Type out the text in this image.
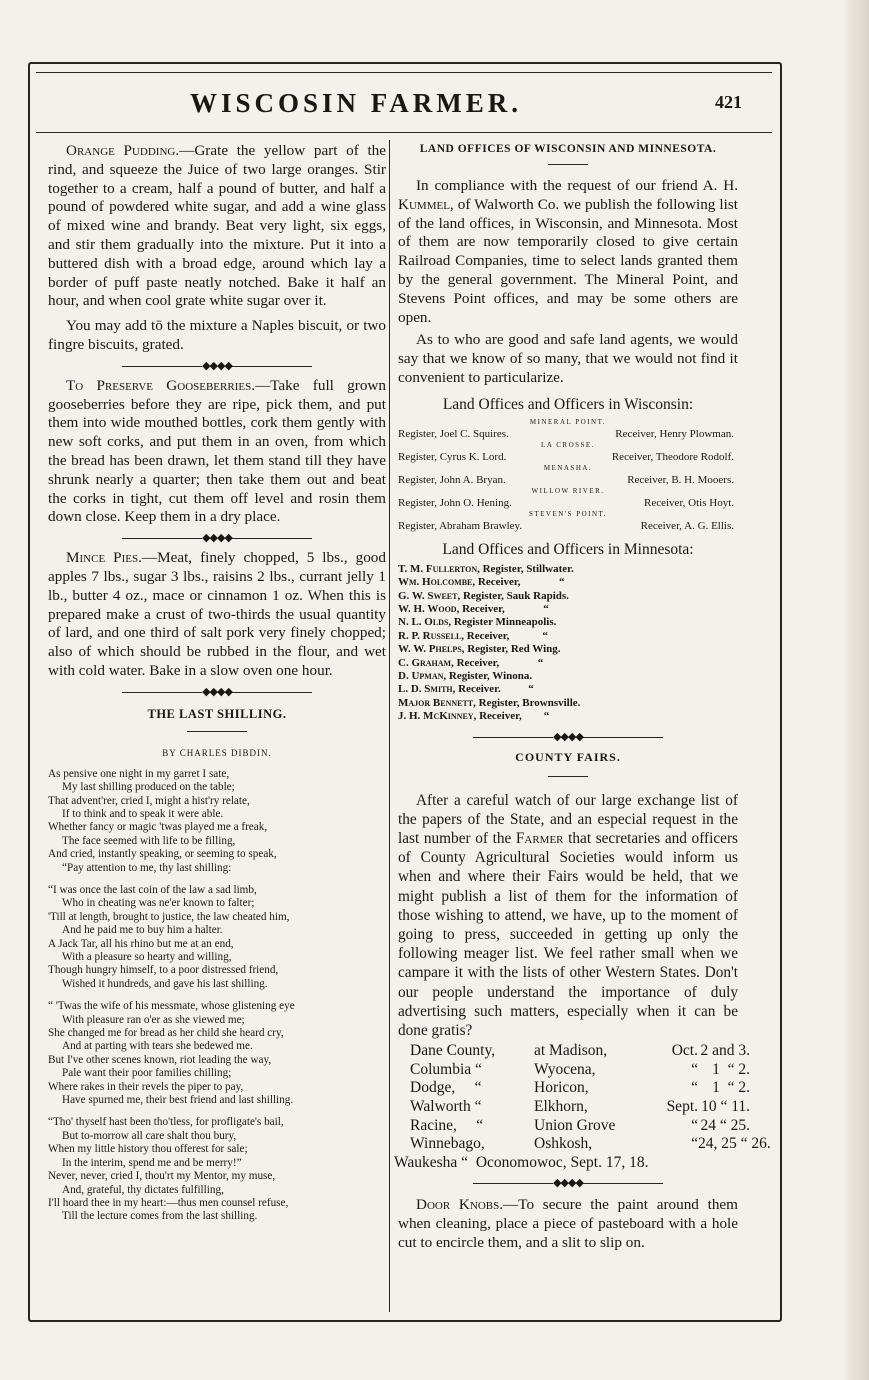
WISCOSIN FARMER.	421

Orange Pudding.—Grate the yellow part of the rind, and squeeze the Juice of two large oranges. Stir together to a cream, half a pound of butter, and half a pound of powdered white sugar, and add a wine glass of mixed wine and brandy. Beat very light, six eggs, and stir them gradually into the mixture. Put it into a buttered dish with a broad edge, around which lay a border of puff paste neatly notched. Bake it half an hour, and when cool grate white sugar over it.

You may add tō the mixture a Naples biscuit, or two fingre biscuits, grated.

◆◆◆◆

To Preserve Gooseberries.—Take full grown gooseberries before they are ripe, pick them, and put them into wide mouthed bottles, cork them gently with new soft corks, and put them in an oven, from which the bread has been drawn, let them stand till they have shrunk nearly a quarter; then take them out and beat the corks in tight, cut them off level and rosin them down close. Keep them in a dry place.

◆◆◆◆

Mince Pies.—Meat, finely chopped, 5 lbs., good apples 7 lbs., sugar 3 lbs., raisins 2 lbs., currant jelly 1 lb., butter 4 oz., mace or cinnamon 1 oz. When this is prepared make a crust of two-thirds the usual quantity of lard, and one third of salt pork very finely chopped; also of which should be rubbed in the flour, and wet with cold water. Bake in a slow oven one hour.

◆◆◆◆
THE LAST SHILLING.
BY CHARLES DIBDIN.
As pensive one night in my garret I sate,
My last shilling produced on the table;
That advent'rer, cried I, might a hist'ry relate,
If to think and to speak it were able.
Whether fancy or magic 'twas played me a freak,
The face seemed with life to be filling,
And cried, instantly speaking, or seeming to speak,
“Pay attention to me, thy last shilling:
“I was once the last coin of the law a sad limb,
Who in cheating was ne'er known to falter;
'Till at length, brought to justice, the law cheated him,
And he paid me to buy him a halter.
A Jack Tar, all his rhino but me at an end,
With a pleasure so hearty and willing,
Though hungry himself, to a poor distressed friend,
Wished it hundreds, and gave his last shilling.
“ 'Twas the wife of his messmate, whose glistening eye
With pleasure ran o'er as she viewed me;
She changed me for bread as her child she heard cry,
And at parting with tears she bedewed me.
But I've other scenes known, riot leading the way,
Pale want their poor families chilling;
Where rakes in their revels the piper to pay,
Have spurned me, their best friend and last shilling.
“Tho' thyself hast been tho'tless, for profligate's bail,
But to-morrow all care shalt thou bury,
When my little history thou offerest for sale;
In the interim, spend me and be merry!”
Never, never, cried I, thou'rt my Mentor, my muse,
And, grateful, thy dictates fulfilling,
I'll hoard thee in my heart:—thus men counsel refuse,
Till the lecture comes from the last shilling.
LAND OFFICES OF WISCONSIN AND MINNESOTA.

In compliance with the request of our friend A. H. Kummel, of Walworth Co. we publish the following list of the land offices, in Wisconsin, and Minnesota. Most of them are now temporarily closed to give certain Railroad Companies, time to select lands granted them by the general government. The Mineral Point, and Stevens Point offices, and may be some others are open.

As to who are good and safe land agents, we would say that we know of so many, that we would not find it convenient to particularize.

Land Offices and Officers in Wisconsin:
MINERAL POINT.
Register, Joel C. Squires.	Receiver, Henry Plowman.
LA CROSSE.
Register, Cyrus K. Lord.	Receiver, Theodore Rodolf.
MENASHA.
Register, John A. Bryan.	Receiver, B. H. Mooers.
WILLOW RIVER.
Register, John O. Hening.	Receiver, Otis Hoyt.
STEVEN'S POINT.
Register, Abraham Brawley.	Receiver, A. G. Ellis.
Land Offices and Officers in Minnesota:
T. M. Fullerton, Register, Stillwater.
Wm. Holcombe, Receiver,              “
G. W. Sweet, Register, Sauk Rapids.
W. H. Wood, Receiver,              “
N. L. Olds, Register Minneapolis.
R. P. Russell, Receiver,            “
W. W. Phelps, Register, Red Wing.
C. Graham, Receiver,              “
D. Upman, Register, Winona.
L. D. Smith, Receiver.          “
Major Bennett, Register, Brownsville.
J. H. McKinney, Receiver,        “
◆◆◆◆
COUNTY FAIRS.

After a careful watch of our large exchange list of the papers of the State, and an especial request in the last number of the Farmer that secretaries and officers of County Agricultural Societies would inform us when and where their Fairs would be held, that we might publish a list of them for the information of those wishing to attend, we have, up to the moment of going to press, succeeded in getting up only the following meager list. We feel rather small when we campare it with the lists of other Western States. Don't our people understand the importance of duly advertising such matters, especially when it can be done gratis?

Dane County,	at Madison,	Oct. 2 and 3.
Columbia “	Wyocena,	“ 1  “ 2.
Dodge,     “	Horicon,	“ 1  “ 2.
Walworth “	Elkhorn,	Sept. 10 “ 11.
Racine,     “	Union Grove	“ 24 “ 25.
Winnebago,	Oshkosh,	“ 24, 25 “ 26.
Waukesha “  Oconomowoc, Sept. 17, 18.
◆◆◆◆

Door Knobs.—To secure the paint around them when cleaning, place a piece of pasteboard with a hole cut to encircle them, and a slit to slip on.
